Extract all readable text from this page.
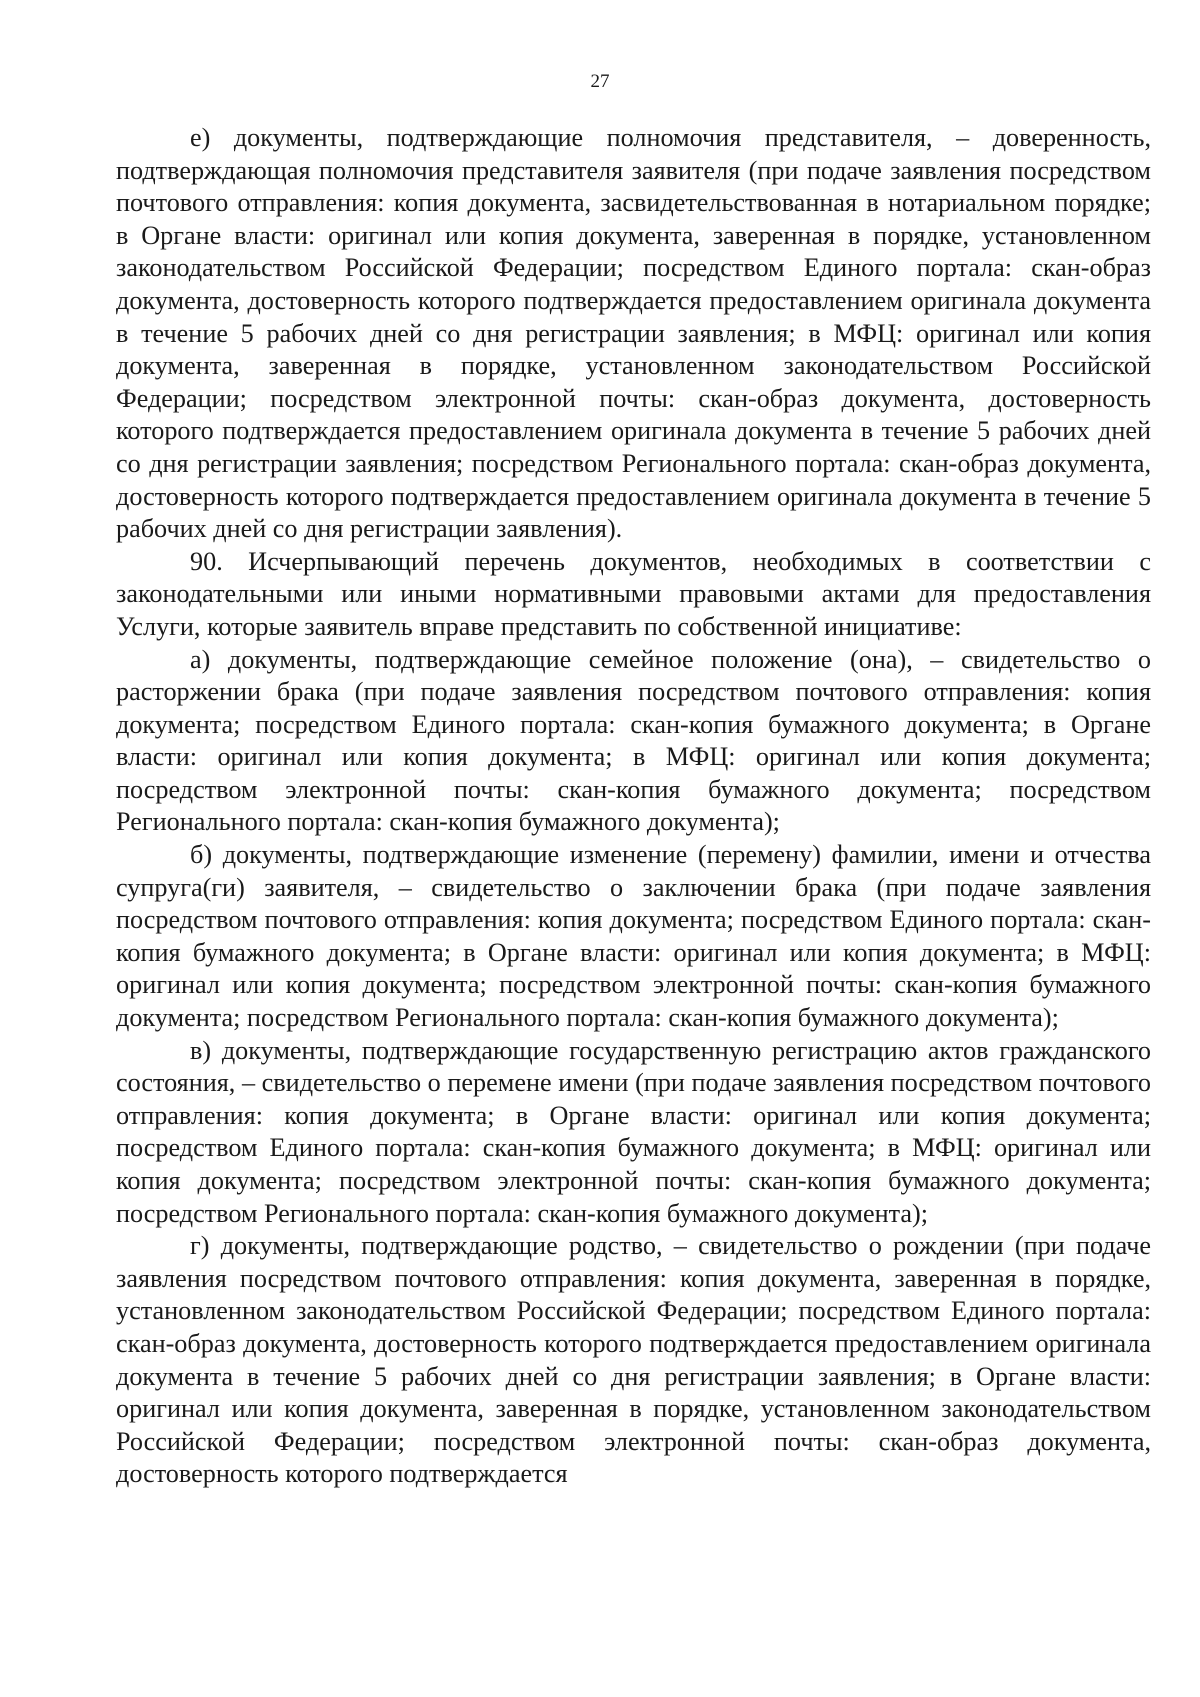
27

е) документы, подтверждающие полномочия представителя, – доверенность, подтверждающая полномочия представителя заявителя (при подаче заявления посредством почтового отправления: копия документа, засвидетельствованная в нотариальном порядке; в Органе власти: оригинал или копия документа, заверенная в порядке, установленном законодательством Российской Федерации; посредством Единого портала: скан-образ документа, достоверность которого подтверждается предоставлением оригинала документа в течение 5 рабочих дней со дня регистрации заявления; в МФЦ: оригинал или копия документа, заверенная в порядке, установленном законодательством Российской Федерации; посредством электронной почты: скан-образ документа, достоверность которого подтверждается предоставлением оригинала документа в течение 5 рабочих дней со дня регистрации заявления; посредством Регионального портала: скан-образ документа, достоверность которого подтверждается предоставлением оригинала документа в течение 5 рабочих дней со дня регистрации заявления).

90. Исчерпывающий перечень документов, необходимых в соответствии с законодательными или иными нормативными правовыми актами для предоставления Услуги, которые заявитель вправе представить по собственной инициативе:

а) документы, подтверждающие семейное положение (она), – свидетельство о расторжении брака (при подаче заявления посредством почтового отправления: копия документа; посредством Единого портала: скан-копия бумажного документа; в Органе власти: оригинал или копия документа; в МФЦ: оригинал или копия документа; посредством электронной почты: скан-копия бумажного документа; посредством Регионального портала: скан-копия бумажного документа);

б) документы, подтверждающие изменение (перемену) фамилии, имени и отчества супруга(ги) заявителя, – свидетельство о заключении брака (при подаче заявления посредством почтового отправления: копия документа; посредством Единого портала: скан-копия бумажного документа; в Органе власти: оригинал или копия документа; в МФЦ: оригинал или копия документа; посредством электронной почты: скан-копия бумажного документа; посредством Регионального портала: скан-копия бумажного документа);

в) документы, подтверждающие государственную регистрацию актов гражданского состояния, – свидетельство о перемене имени (при подаче заявления посредством почтового отправления: копия документа; в Органе власти: оригинал или копия документа; посредством Единого портала: скан-копия бумажного документа; в МФЦ: оригинал или копия документа; посредством электронной почты: скан-копия бумажного документа; посредством Регионального портала: скан-копия бумажного документа);

г) документы, подтверждающие родство, – свидетельство о рождении (при подаче заявления посредством почтового отправления: копия документа, заверенная в порядке, установленном законодательством Российской Федерации; посредством Единого портала: скан-образ документа, достоверность которого подтверждается предоставлением оригинала документа в течение 5 рабочих дней со дня регистрации заявления; в Органе власти: оригинал или копия документа, заверенная в порядке, установленном законодательством Российской Федерации; посредством электронной почты: скан-образ документа, достоверность которого подтверждается
